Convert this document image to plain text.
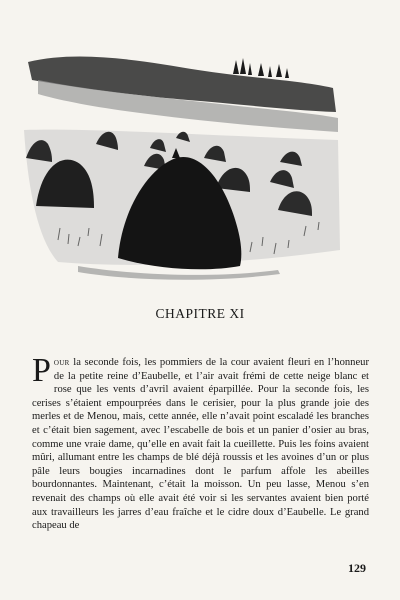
CHAPITRE XI
Pour la seconde fois, les pommiers de la cour avaient fleuri en l’honneur de la petite reine d’Eaubelle, et l’air avait frémi de cette neige blanc et rose que les vents d’avril avaient éparpillée. Pour la seconde fois, les cerises s’étaient empourprées dans le cerisier, pour la plus grande joie des merles et de Menou, mais, cette année, elle n’avait point escaladé les branches et c’était bien sagement, avec l’escabelle de bois et un panier d’osier au bras, comme une vraie dame, qu’elle en avait fait la cueillette. Puis les foins avaient mûri, allumant entre les champs de blé déjà roussis et les avoines d’un or plus pâle leurs bougies incarnadines dont le parfum affole les abeilles bourdonnantes. Maintenant, c’était la moisson. Un peu lasse, Menou s’en revenait des champs où elle avait été voir si les servantes avaient bien porté aux travailleurs les jarres d’eau fraîche et le cidre doux d’Eaubelle. Le grand chapeau de
129
